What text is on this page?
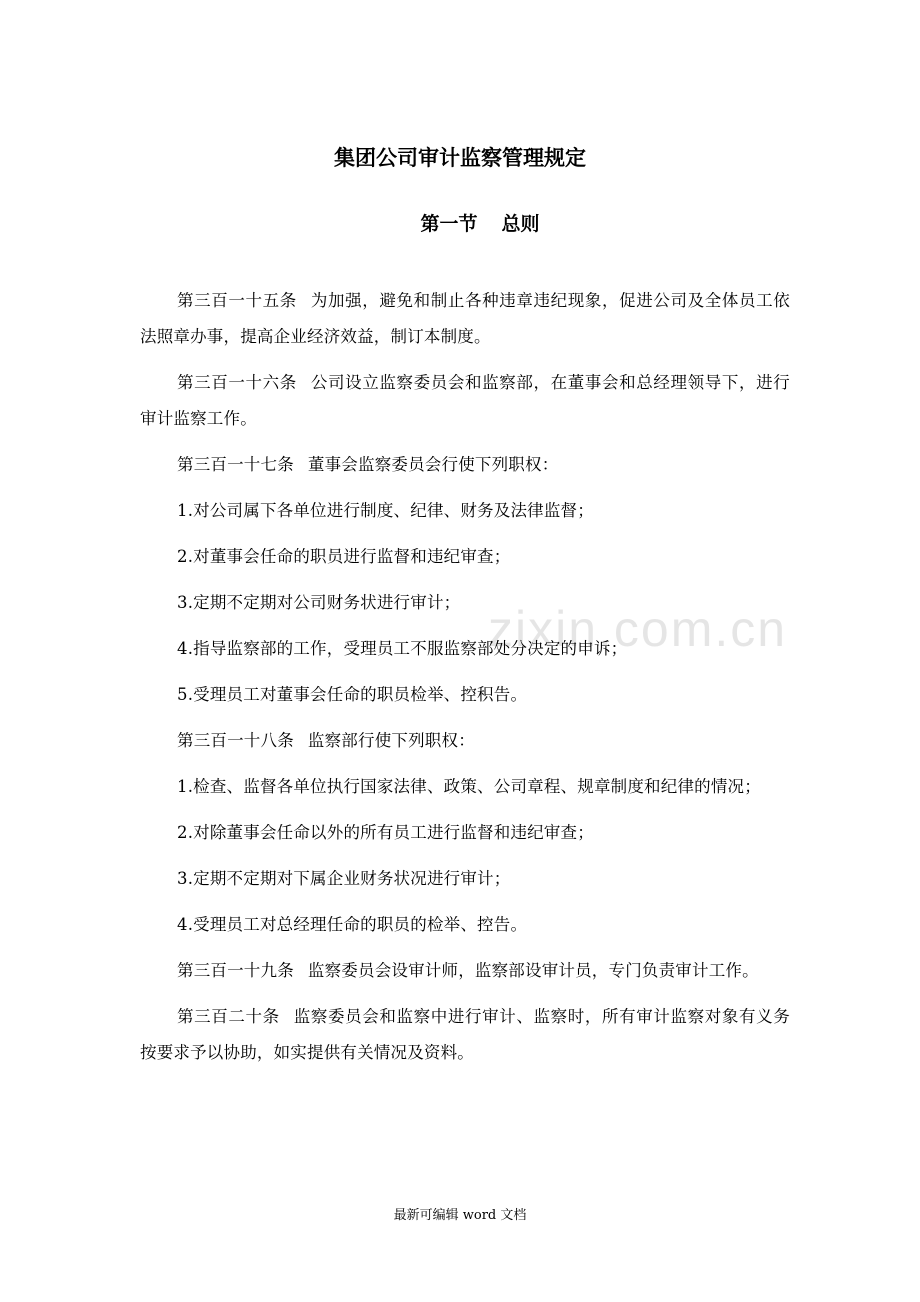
集团公司审计监察管理规定
第一节 总则

第三百一十五条 为加强，避免和制止各种违章违纪现象，促进公司及全体员工依法照章办事，提高企业经济效益，制订本制度。

第三百一十六条 公司设立监察委员会和监察部，在董事会和总经理领导下，进行审计监察工作。

第三百一十七条 董事会监察委员会行使下列职权：

1.对公司属下各单位进行制度、纪律、财务及法律监督；

2.对董事会任命的职员进行监督和违纪审查；

3.定期不定期对公司财务状进行审计；

4.指导监察部的工作，受理员工不服监察部处分决定的申诉；

5.受理员工对董事会任命的职员检举、控积告。

第三百一十八条 监察部行使下列职权：

1.检查、监督各单位执行国家法律、政策、公司章程、规章制度和纪律的情况；

2.对除董事会任命以外的所有员工进行监督和违纪审查；

3.定期不定期对下属企业财务状况进行审计；

4.受理员工对总经理任命的职员的检举、控告。

第三百一十九条 监察委员会设审计师，监察部设审计员，专门负责审计工作。

第三百二十条 监察委员会和监察中进行审计、监察时，所有审计监察对象有义务按要求予以协助，如实提供有关情况及资料。

zixin.com.cn
最新可编辑 word 文档
